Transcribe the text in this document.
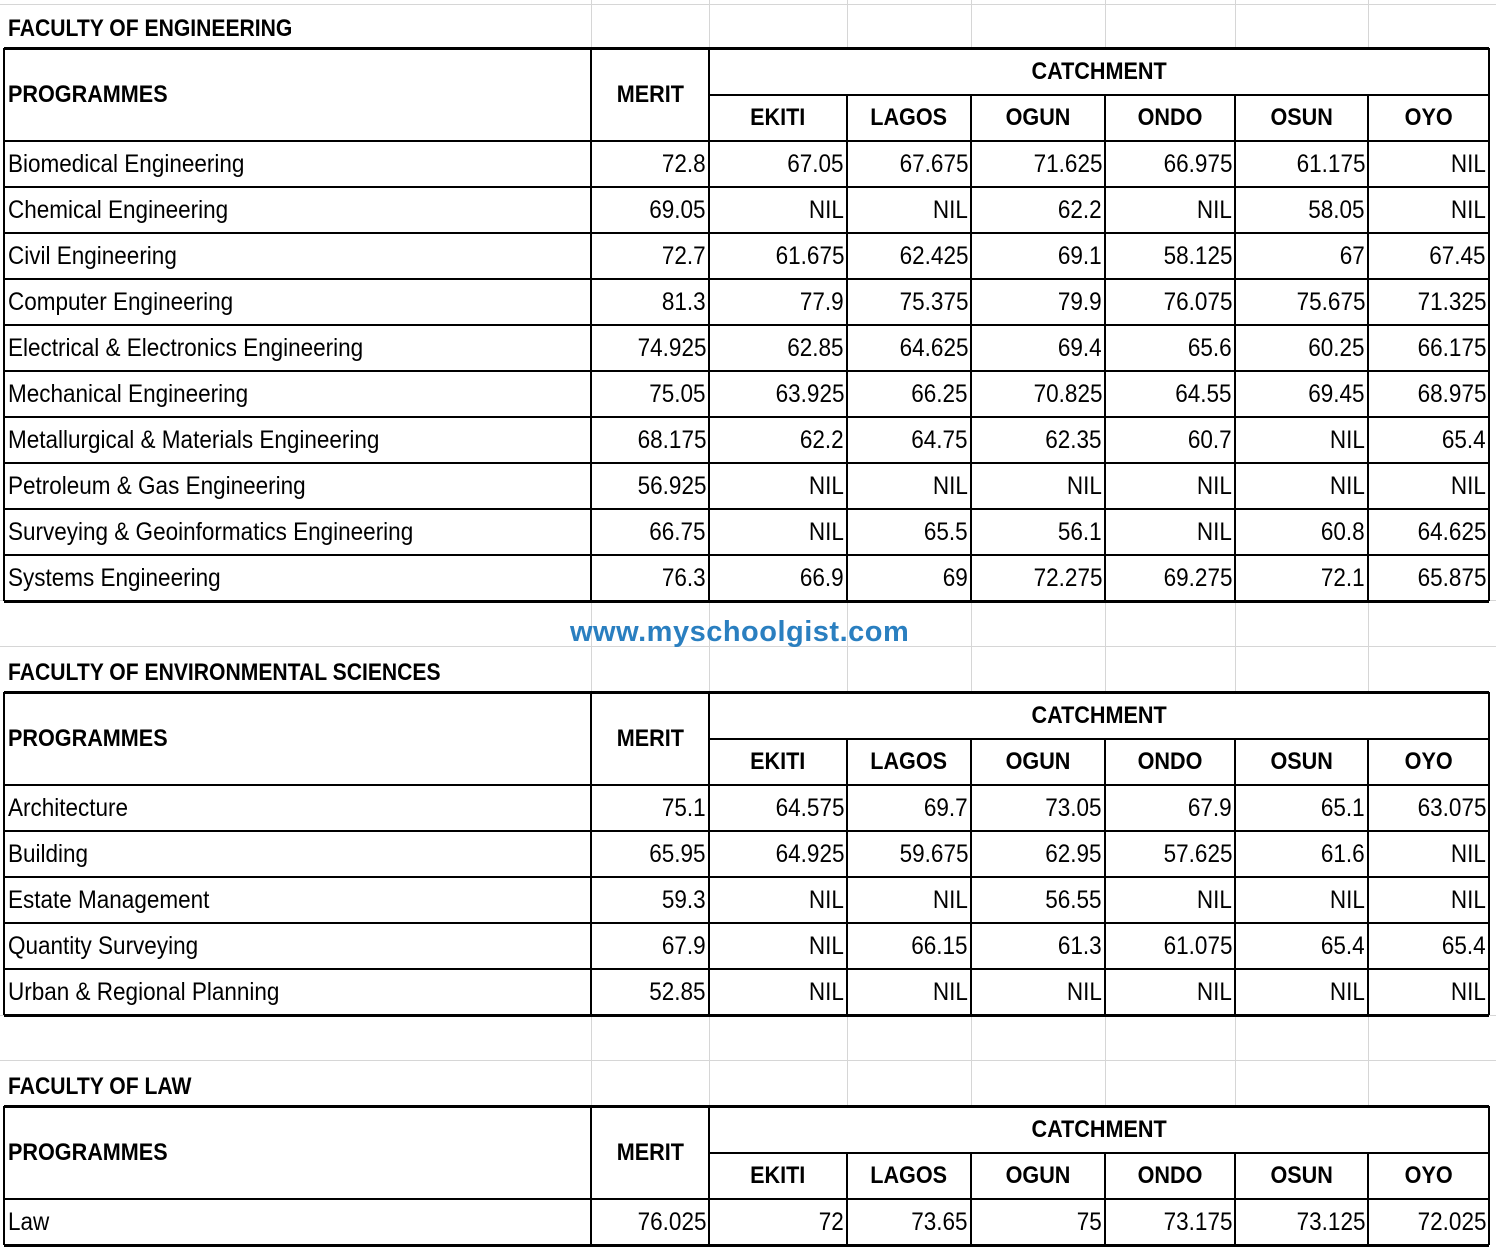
FACULTY OF ENGINEERING
PROGRAMMES	MERIT
CATCHMENT
EKITI	LAGOS	OGUN	ONDO	OSUN	OYO
Biomedical Engineering	72.8	67.05	67.675	71.625	66.975	61.175	NIL
Chemical Engineering	69.05	NIL	NIL	62.2	NIL	58.05	NIL
Civil Engineering	72.7	61.675	62.425	69.1	58.125	67	67.45
Computer Engineering	81.3	77.9	75.375	79.9	76.075	75.675	71.325
Electrical & Electronics Engineering	74.925	62.85	64.625	69.4	65.6	60.25	66.175
Mechanical Engineering	75.05	63.925	66.25	70.825	64.55	69.45	68.975
Metallurgical & Materials Engineering	68.175	62.2	64.75	62.35	60.7	NIL	65.4
Petroleum & Gas Engineering	56.925	NIL	NIL	NIL	NIL	NIL	NIL
Surveying & Geoinformatics Engineering	66.75	NIL	65.5	56.1	NIL	60.8	64.625
Systems Engineering	76.3	66.9	69	72.275	69.275	72.1	65.875
FACULTY OF ENVIRONMENTAL SCIENCES
PROGRAMMES	MERIT
CATCHMENT
EKITI	LAGOS	OGUN	ONDO	OSUN	OYO
Architecture	75.1	64.575	69.7	73.05	67.9	65.1	63.075
Building	65.95	64.925	59.675	62.95	57.625	61.6	NIL
Estate Management	59.3	NIL	NIL	56.55	NIL	NIL	NIL
Quantity Surveying	67.9	NIL	66.15	61.3	61.075	65.4	65.4
Urban & Regional Planning	52.85	NIL	NIL	NIL	NIL	NIL	NIL
FACULTY OF LAW
PROGRAMMES	MERIT
CATCHMENT
EKITI	LAGOS	OGUN	ONDO	OSUN	OYO
Law	76.025	72	73.65	75	73.175	73.125	72.025
www.myschoolgist.com
